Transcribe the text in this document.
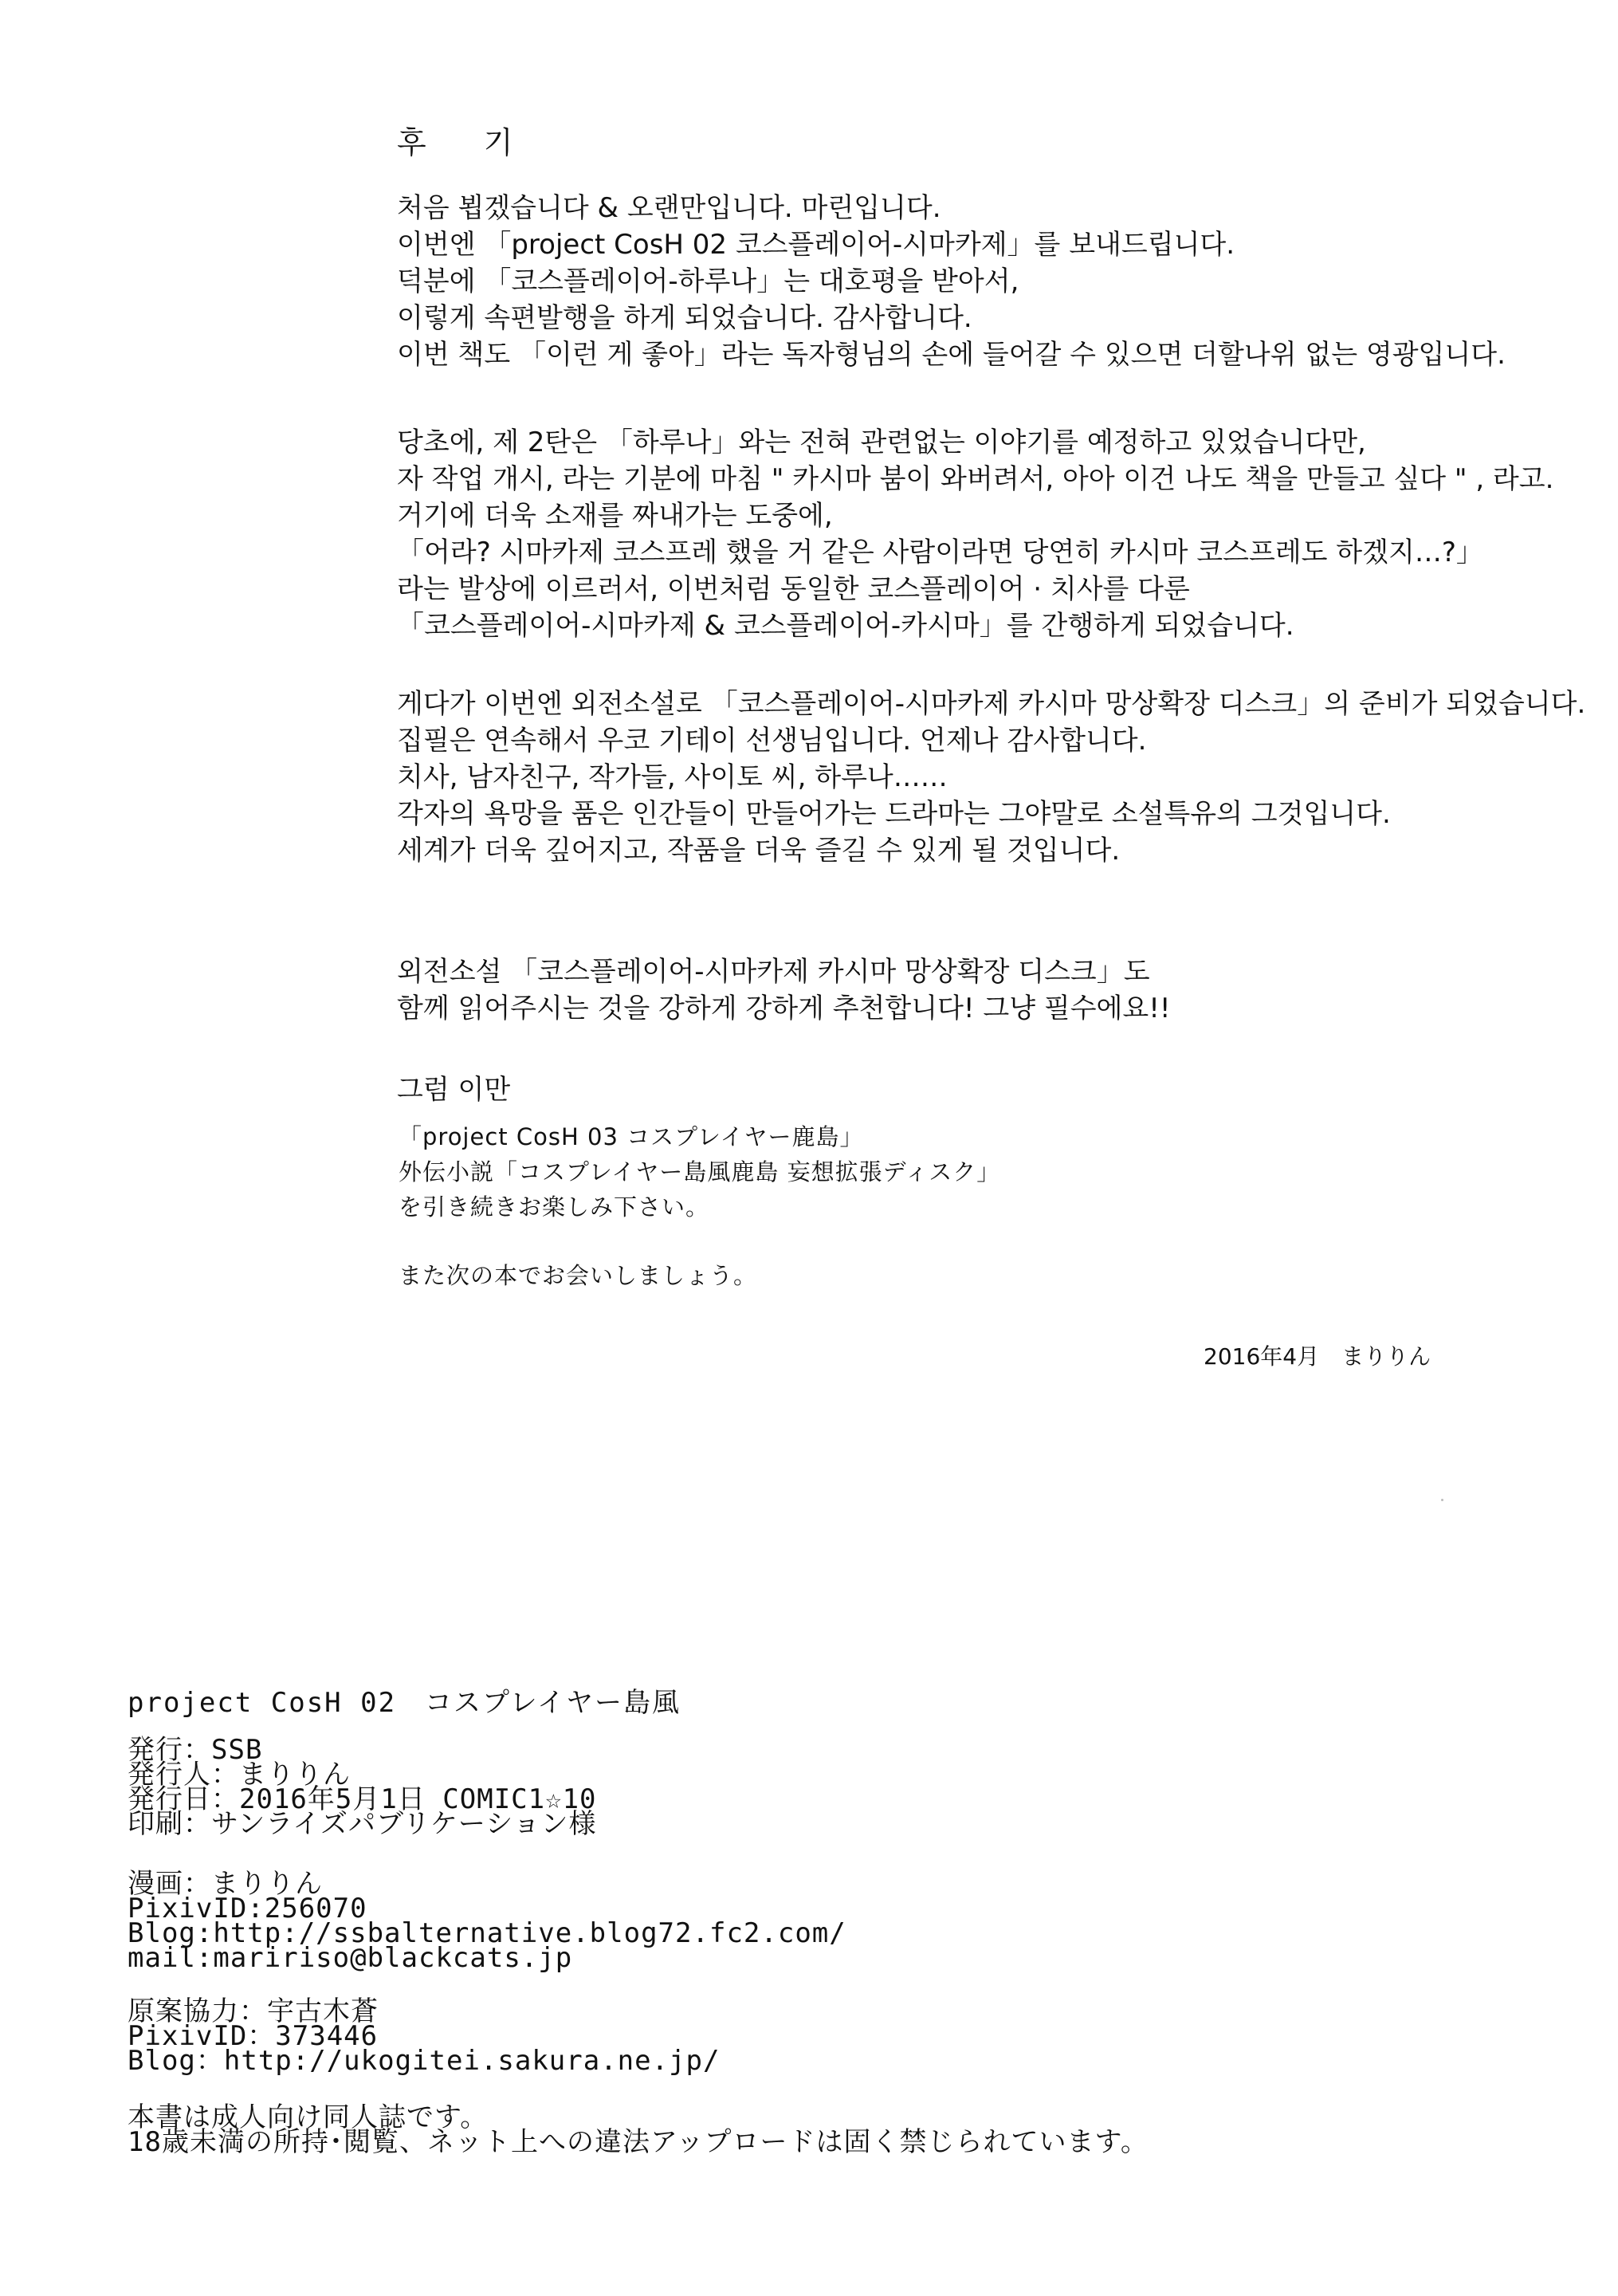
후 기
처음 뵙겠습니다 & 오랜만입니다. 마린입니다.
이번엔 「project CosH 02 코스플레이어-시마카제」를 보내드립니다.
덕분에 「코스플레이어-하루나」는 대호평을 받아서,
이렇게 속편발행을 하게 되었습니다. 감사합니다.
이번 책도 「이런 게 좋아」라는 독자형님의 손에 들어갈 수 있으면 더할나위 없는 영광입니다.
당초에, 제 2탄은 「하루나」와는 전혀 관련없는 이야기를 예정하고 있었습니다만,
자 작업 개시, 라는 기분에 마침 " 카시마 붐이 와버려서, 아아 이건 나도 책을 만들고 싶다 " , 라고.
거기에 더욱 소재를 짜내가는 도중에,
「어라? 시마카제 코스프레 했을 거 같은 사람이라면 당연히 카시마 코스프레도 하겠지…?」
라는 발상에 이르러서, 이번처럼 동일한 코스플레이어 · 치사를 다룬
「코스플레이어-시마카제 & 코스플레이어-카시마」를 간행하게 되었습니다.
게다가 이번엔 외전소설로 「코스플레이어-시마카제 카시마 망상확장 디스크」의 준비가 되었습니다.
집필은 연속해서 우코 기테이 선생님입니다. 언제나 감사합니다.
치사, 남자친구, 작가들, 사이토 씨, 하루나……
각자의 욕망을 품은 인간들이 만들어가는 드라마는 그야말로 소설특유의 그것입니다.
세계가 더욱 깊어지고, 작품을 더욱 즐길 수 있게 될 것입니다.
외전소설 「코스플레이어-시마카제 카시마 망상확장 디스크」도
함께 읽어주시는 것을 강하게 강하게 추천합니다! 그냥 필수에요!!
그럼 이만
「project CosH 03 コスプレイヤー鹿島」
外伝小説「コスプレイヤー島風鹿島 妄想拡張ディスク」
を引き続きお楽しみ下さい。
また次の本でお会いしましょう。
2016年4月　まりりん
project CosH 02　コスプレイヤー島風
発行：SSB
発行人：まりりん
発行日：2016年5月1日 COMIC1☆10
印刷：サンライズパブリケーション様
漫画：まりりん
PixivID:256070
Blog:http://ssbalternative.blog72.fc2.com/
mail:maririso@blackcats.jp
原案協力：宇古木蒼
PixivID：373446
Blog：http://ukogitei.sakura.ne.jp/
本書は成人向け同人誌です。
18歳未満の所持･閲覧、ネット上への違法アップロードは固く禁じられています。
